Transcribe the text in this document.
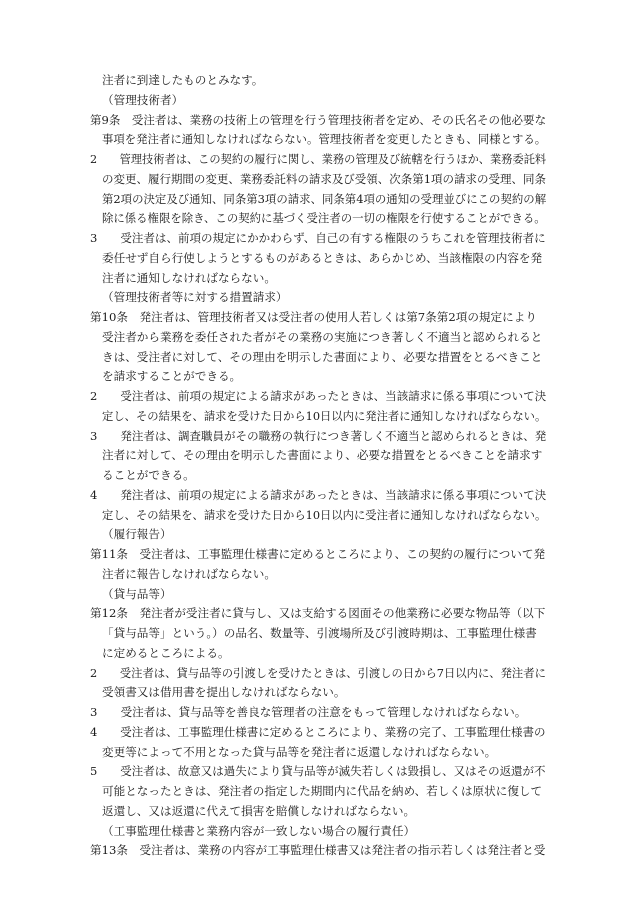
注者に到達したものとみなす。
（管理技術者）
第9条　受注者は、業務の技術上の管理を行う管理技術者を定め、その氏名その他必要な
事項を発注者に通知しなければならない。管理技術者を変更したときも、同様とする。
2　　管理技術者は、この契約の履行に関し、業務の管理及び統轄を行うほか、業務委託料
の変更、履行期間の変更、業務委託料の請求及び受領、次条第1項の請求の受理、同条
第2項の決定及び通知、同条第3項の請求、同条第4項の通知の受理並びにこの契約の解
除に係る権限を除き、この契約に基づく受注者の一切の権限を行使することができる。
3　　受注者は、前項の規定にかかわらず、自己の有する権限のうちこれを管理技術者に
委任せず自ら行使しようとするものがあるときは、あらかじめ、当該権限の内容を発
注者に通知しなければならない。
（管理技術者等に対する措置請求）
第10条　発注者は、管理技術者又は受注者の使用人若しくは第7条第2項の規定により
受注者から業務を委任された者がその業務の実施につき著しく不適当と認められると
きは、受注者に対して、その理由を明示した書面により、必要な措置をとるべきこと
を請求することができる。
2　　受注者は、前項の規定による請求があったときは、当該請求に係る事項について決
定し、その結果を、請求を受けた日から10日以内に発注者に通知しなければならない。
3　　発注者は、調査職員がその職務の執行につき著しく不適当と認められるときは、発
注者に対して、その理由を明示した書面により、必要な措置をとるべきことを請求す
ることができる。
4　　発注者は、前項の規定による請求があったときは、当該請求に係る事項について決
定し、その結果を、請求を受けた日から10日以内に受注者に通知しなければならない。
（履行報告）
第11条　受注者は、工事監理仕様書に定めるところにより、この契約の履行について発
注者に報告しなければならない。
（貸与品等）
第12条　発注者が受注者に貸与し、又は支給する図面その他業務に必要な物品等（以下
「貸与品等」という。）の品名、数量等、引渡場所及び引渡時期は、工事監理仕様書
に定めるところによる。
2　　受注者は、貸与品等の引渡しを受けたときは、引渡しの日から7日以内に、発注者に
受領書又は借用書を提出しなければならない。
3　　受注者は、貸与品等を善良な管理者の注意をもって管理しなければならない。
4　　受注者は、工事監理仕様書に定めるところにより、業務の完了、工事監理仕様書の
変更等によって不用となった貸与品等を発注者に返還しなければならない。
5　　受注者は、故意又は過失により貸与品等が滅失若しくは毀損し、又はその返還が不
可能となったときは、発注者の指定した期間内に代品を納め、若しくは原状に復して
返還し、又は返還に代えて損害を賠償しなければならない。
（工事監理仕様書と業務内容が一致しない場合の履行責任）
第13条　受注者は、業務の内容が工事監理仕様書又は発注者の指示若しくは発注者と受
